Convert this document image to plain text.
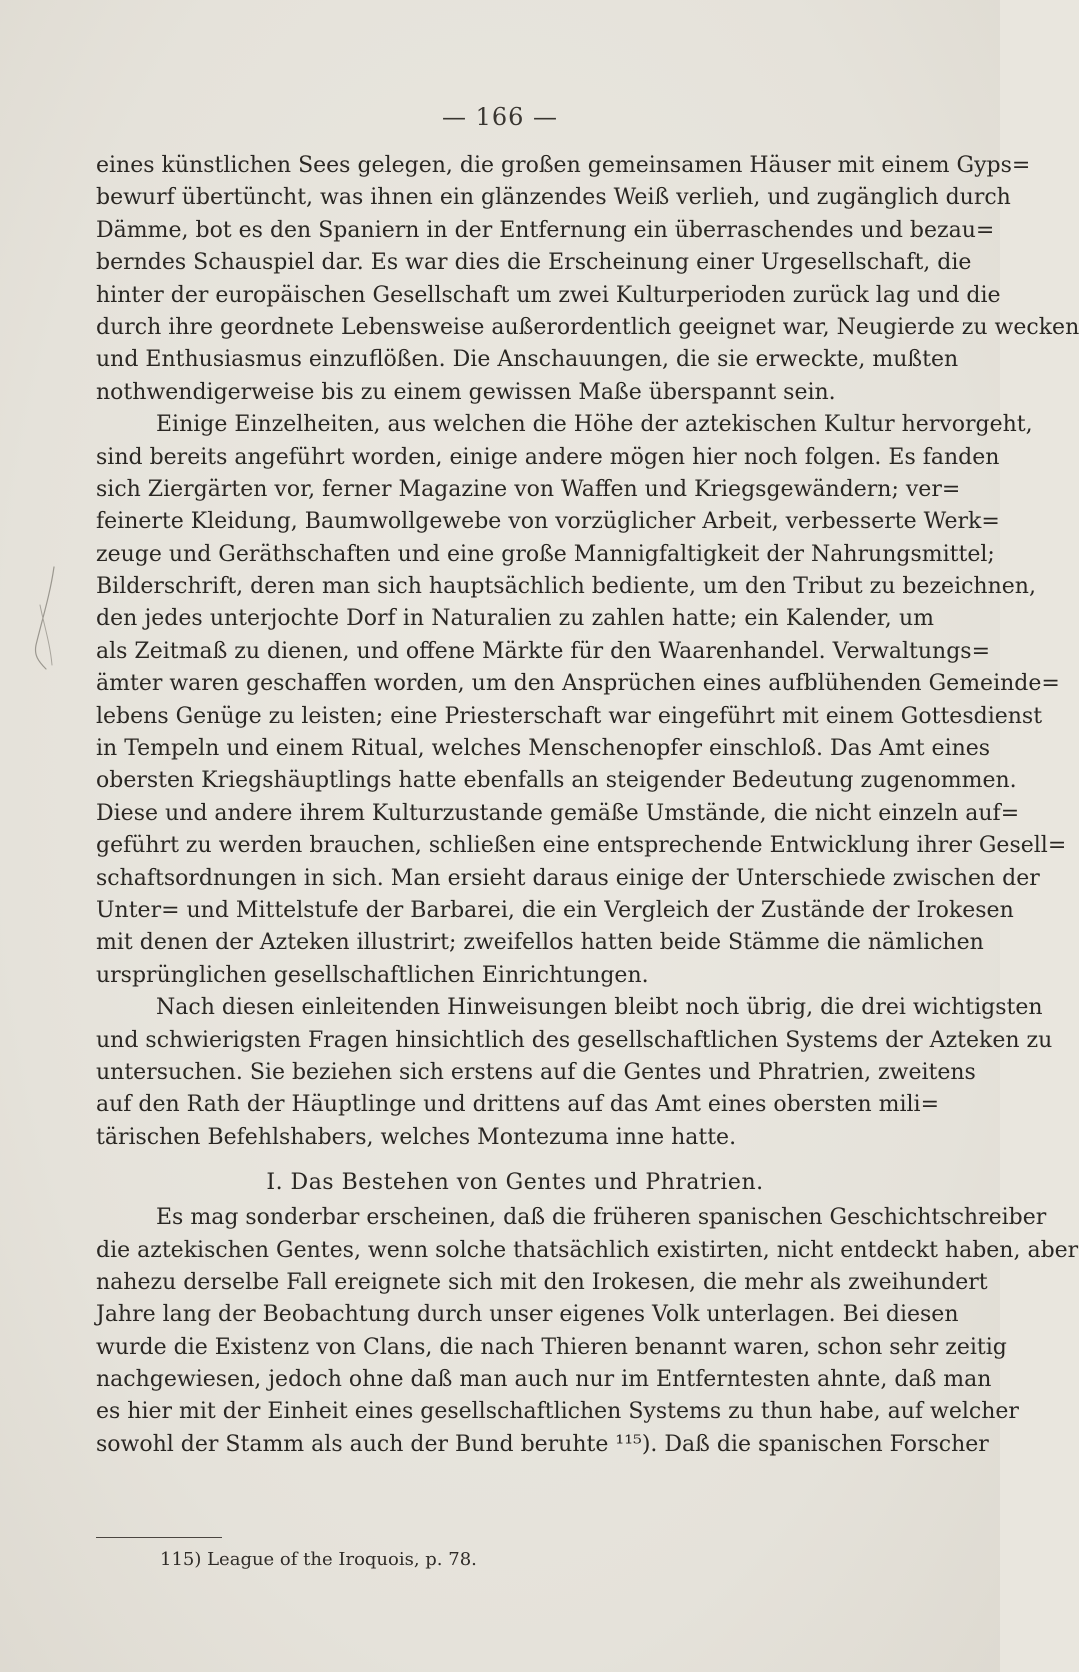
— 166 —
eines künstlichen Sees gelegen, die großen gemeinsamen Häuser mit einem Gyps=
bewurf übertüncht, was ihnen ein glänzendes Weiß verlieh, und zugänglich durch
Dämme, bot es den Spaniern in der Entfernung ein überraschendes und bezau=
berndes Schauspiel dar. Es war dies die Erscheinung einer Urgesellschaft, die
hinter der europäischen Gesellschaft um zwei Kulturperioden zurück lag und die
durch ihre geordnete Lebensweise außerordentlich geeignet war, Neugierde zu wecken
und Enthusiasmus einzuflößen. Die Anschauungen, die sie erweckte, mußten
nothwendigerweise bis zu einem gewissen Maße überspannt sein.
Einige Einzelheiten, aus welchen die Höhe der aztekischen Kultur hervorgeht,
sind bereits angeführt worden, einige andere mögen hier noch folgen. Es fanden
sich Ziergärten vor, ferner Magazine von Waffen und Kriegsgewändern; ver=
feinerte Kleidung, Baumwollgewebe von vorzüglicher Arbeit, verbesserte Werk=
zeuge und Geräthschaften und eine große Mannigfaltigkeit der Nahrungsmittel;
Bilderschrift, deren man sich hauptsächlich bediente, um den Tribut zu bezeichnen,
den jedes unterjochte Dorf in Naturalien zu zahlen hatte; ein Kalender, um
als Zeitmaß zu dienen, und offene Märkte für den Waarenhandel. Verwaltungs=
ämter waren geschaffen worden, um den Ansprüchen eines aufblühenden Gemeinde=
lebens Genüge zu leisten; eine Priesterschaft war eingeführt mit einem Gottesdienst
in Tempeln und einem Ritual, welches Menschenopfer einschloß. Das Amt eines
obersten Kriegshäuptlings hatte ebenfalls an steigender Bedeutung zugenommen.
Diese und andere ihrem Kulturzustande gemäße Umstände, die nicht einzeln auf=
geführt zu werden brauchen, schließen eine entsprechende Entwicklung ihrer Gesell=
schaftsordnungen in sich. Man ersieht daraus einige der Unterschiede zwischen der
Unter= und Mittelstufe der Barbarei, die ein Vergleich der Zustände der Irokesen
mit denen der Azteken illustrirt; zweifellos hatten beide Stämme die nämlichen
ursprünglichen gesellschaftlichen Einrichtungen.
Nach diesen einleitenden Hinweisungen bleibt noch übrig, die drei wichtigsten
und schwierigsten Fragen hinsichtlich des gesellschaftlichen Systems der Azteken zu
untersuchen. Sie beziehen sich erstens auf die Gentes und Phratrien, zweitens
auf den Rath der Häuptlinge und drittens auf das Amt eines obersten mili=
tärischen Befehlshabers, welches Montezuma inne hatte.
I. Das Bestehen von Gentes und Phratrien.
Es mag sonderbar erscheinen, daß die früheren spanischen Geschichtschreiber
die aztekischen Gentes, wenn solche thatsächlich existirten, nicht entdeckt haben, aber
nahezu derselbe Fall ereignete sich mit den Irokesen, die mehr als zweihundert
Jahre lang der Beobachtung durch unser eigenes Volk unterlagen. Bei diesen
wurde die Existenz von Clans, die nach Thieren benannt waren, schon sehr zeitig
nachgewiesen, jedoch ohne daß man auch nur im Entferntesten ahnte, daß man
es hier mit der Einheit eines gesellschaftlichen Systems zu thun habe, auf welcher
sowohl der Stamm als auch der Bund beruhte ¹¹⁵). Daß die spanischen Forscher
115) League of the Iroquois, p. 78.
